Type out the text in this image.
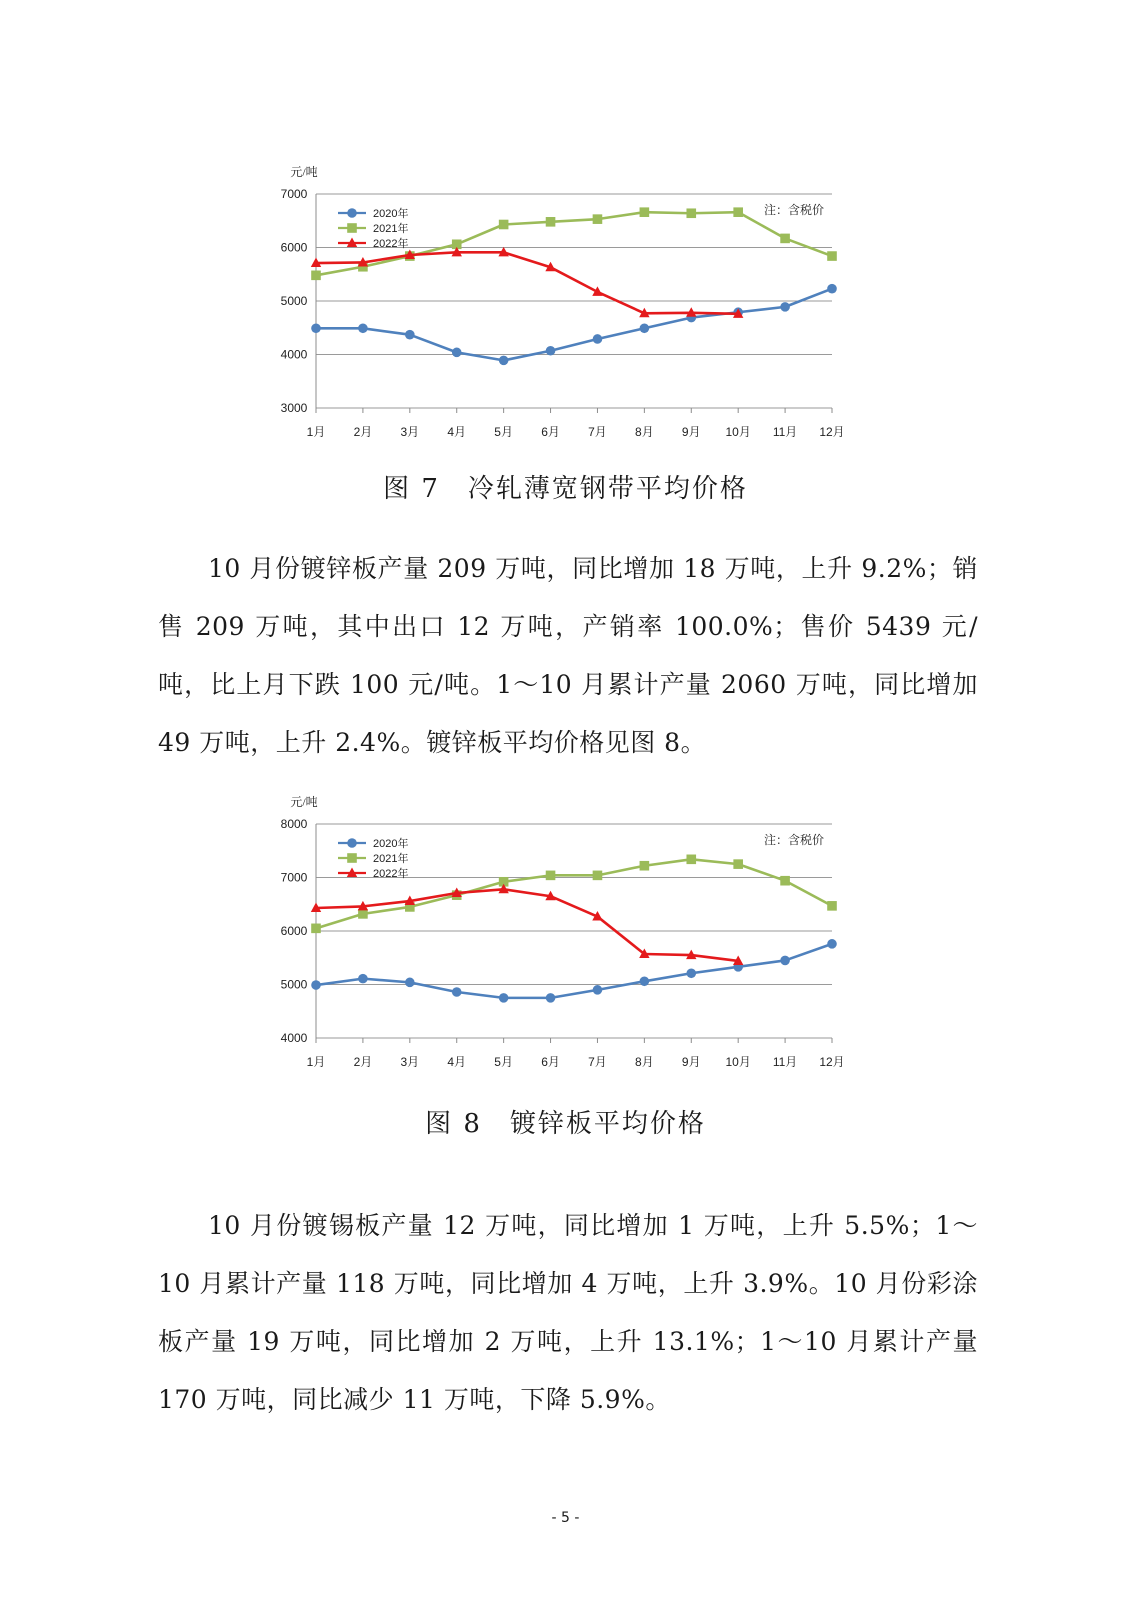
元/吨
3000
4000
5000
6000
7000
1月 2月 3月 4月 5月 6月 7月 8月 9月 10月 11月 12月
注：含税价
2020年
2021年
2022年
图 7　冷轧薄宽钢带平均价格

10 月份镀锌板产量 209 万吨，同比增加 18 万吨，上升 9.2%；销售 209 万吨，其中出口 12 万吨，产销率 100.0%；售价 5439 元/吨，比上月下跌 100 元/吨。1～10 月累计产量 2060 万吨，同比增加 49 万吨，上升 2.4%。镀锌板平均价格见图 8。

元/吨
4000
5000
6000
7000
8000
1月 2月 3月 4月 5月 6月 7月 8月 9月 10月 11月 12月
注：含税价
2020年
2021年
2022年
图 8　镀锌板平均价格

10 月份镀锡板产量 12 万吨，同比增加 1 万吨，上升 5.5%；1～10 月累计产量 118 万吨，同比增加 4 万吨，上升 3.9%。10 月份彩涂板产量 19 万吨，同比增加 2 万吨，上升 13.1%；1～10 月累计产量 170 万吨，同比减少 11 万吨，下降 5.9%。

- 5 -
